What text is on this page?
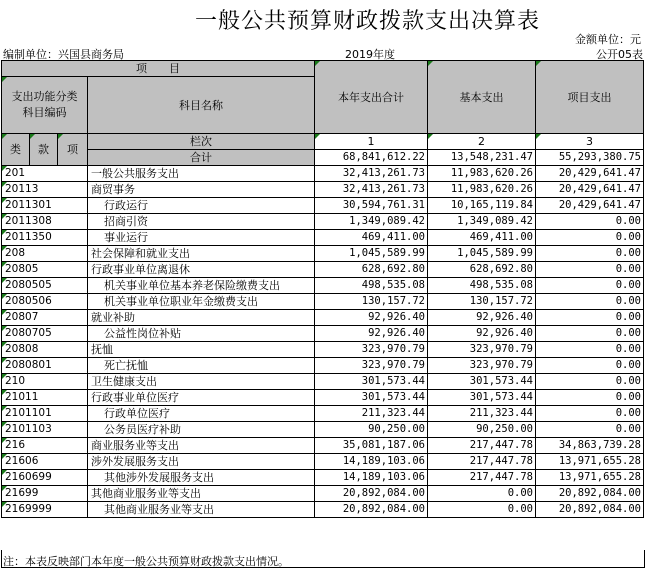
一般公共预算财政拨款支出决算表
金额单位：元
编制单位：兴国县商务局	2019年度	公开05表
项　　目				本年支出合计	基本支出	项目支出
支出功能分类
科目编码			科目名称			

类	款	项	栏次	1	2	3
			合计	68,841,612.22	13,548,231.47	55,293,380.75
201			一般公共服务支出	32,413,261.73	11,983,620.26	20,429,641.47
20113			商贸事务	32,413,261.73	11,983,620.26	20,429,641.47
2011301			行政运行	30,594,761.31	10,165,119.84	20,429,641.47
2011308			招商引资	1,349,089.42	1,349,089.42	0.00
2011350			事业运行	469,411.00	469,411.00	0.00
208			社会保障和就业支出	1,045,589.99	1,045,589.99	0.00
20805			行政事业单位离退休	628,692.80	628,692.80	0.00
2080505			机关事业单位基本养老保险缴费支出	498,535.08	498,535.08	0.00
2080506			机关事业单位职业年金缴费支出	130,157.72	130,157.72	0.00
20807			就业补助	92,926.40	92,926.40	0.00
2080705			公益性岗位补贴	92,926.40	92,926.40	0.00
20808			抚恤	323,970.79	323,970.79	0.00
2080801			死亡抚恤	323,970.79	323,970.79	0.00
210			卫生健康支出	301,573.44	301,573.44	0.00
21011			行政事业单位医疗	301,573.44	301,573.44	0.00
2101101			行政单位医疗	211,323.44	211,323.44	0.00
2101103			公务员医疗补助	90,250.00	90,250.00	0.00
216			商业服务业等支出	35,081,187.06	217,447.78	34,863,739.28
21606			涉外发展服务支出	14,189,103.06	217,447.78	13,971,655.28
2160699			其他涉外发展服务支出	14,189,103.06	217,447.78	13,971,655.28
21699			其他商业服务业等支出	20,892,084.00	0.00	20,892,084.00
2169999			其他商业服务业等支出	20,892,084.00	0.00	20,892,084.00
注：本表反映部门本年度一般公共预算财政拨款支出情况。
